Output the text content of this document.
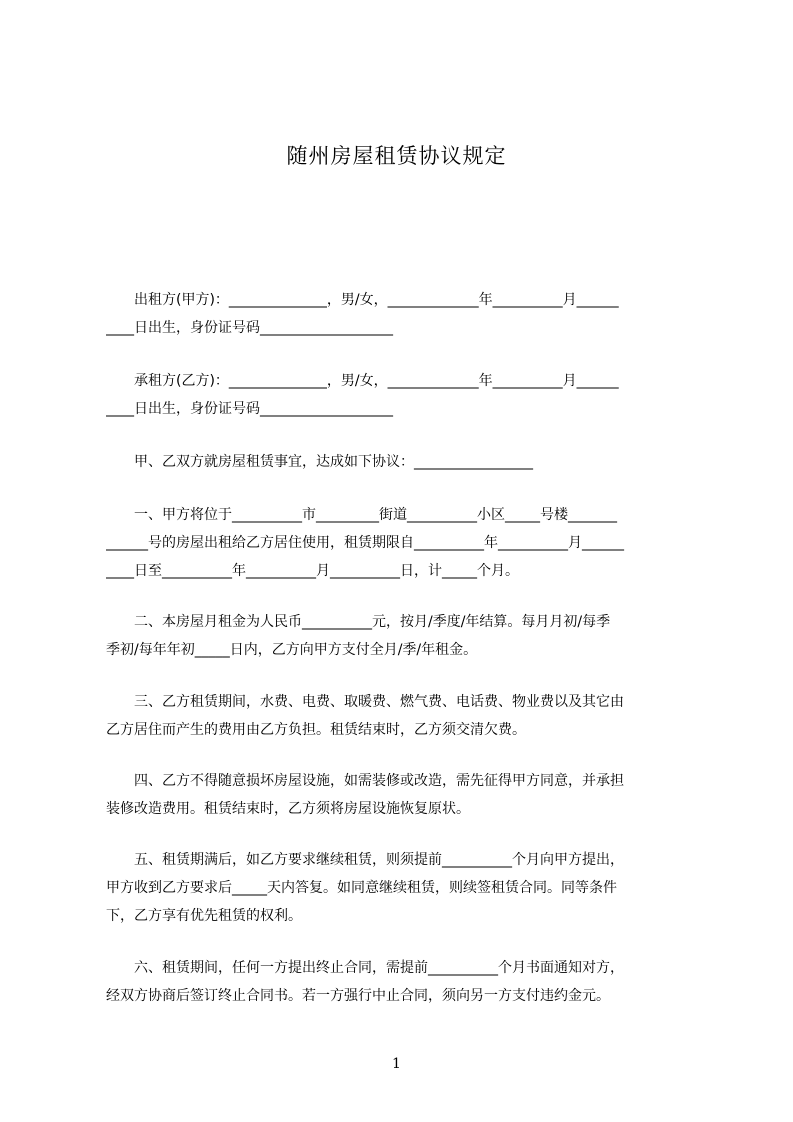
随州房屋租赁协议规定
　　出租方(甲方)：______________，男/女，_____________年__________月______
____日出生，身份证号码___________________
　　承租方(乙方)：______________，男/女，_____________年__________月______
____日出生，身份证号码___________________
　　甲、乙双方就房屋租赁事宜，达成如下协议：_________________
　　一、甲方将位于__________市_________街道__________小区_____号楼_______
______号的房屋出租给乙方居住使用，租赁期限自__________年__________月______
____日至__________年__________月__________日，计_____个月。
　　二、本房屋月租金为人民币__________元，按月/季度/年结算。每月月初/每季
季初/每年年初_____日内，乙方向甲方支付全月/季/年租金。
　　三、乙方租赁期间，水费、电费、取暖费、燃气费、电话费、物业费以及其它由
乙方居住而产生的费用由乙方负担。租赁结束时，乙方须交清欠费。
　　四、乙方不得随意损坏房屋设施，如需装修或改造，需先征得甲方同意，并承担
装修改造费用。租赁结束时，乙方须将房屋设施恢复原状。
　　五、租赁期满后，如乙方要求继续租赁，则须提前__________个月向甲方提出，
甲方收到乙方要求后_____天内答复。如同意继续租赁，则续签租赁合同。同等条件
下，乙方享有优先租赁的权利。
　　六、租赁期间，任何一方提出终止合同，需提前__________个月书面通知对方，
经双方协商后签订终止合同书。若一方强行中止合同，须向另一方支付违约金元。
1
